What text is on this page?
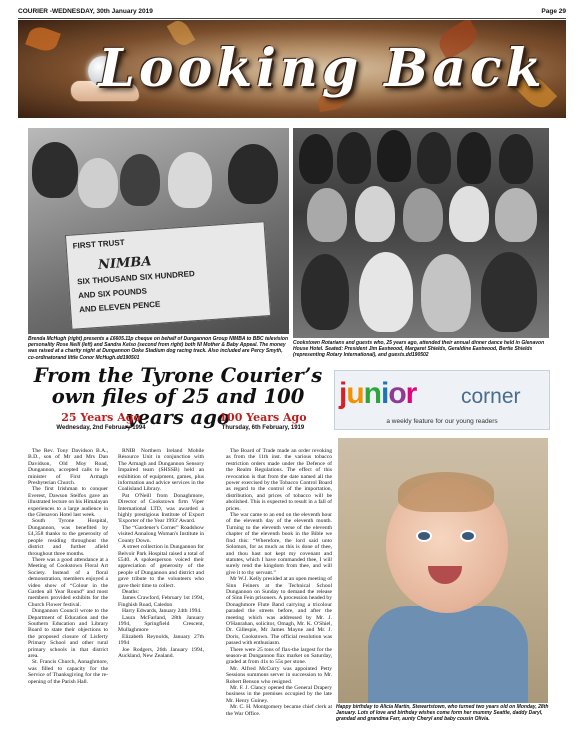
COURIER -WEDNESDAY, 30th January 2019	Page 29
Looking Back
FIRST TRUST
NIMBA
SIX THOUSAND SIX HUNDRED
AND SIX POUNDS
AND ELEVEN PENCE
Brenda McHugh (right) presents a £6605.11p cheque on behalf of Dungannon Group NIMBA to BBC television personality Rose Neill (left) and Sandra Kelso (second from right) both NI Mother & Baby Appeal. The money was raised at a charity night at Dungannon Ooke Stadium dog racing track. Also included are Percy Smyth, co-ordinatorand little Conor McHugh.dd190501
Cookstown Rotarians and guests who, 25 years ago, attended their annual dinner dance held in Glenavon House Hotel. Seated: President Jim Eastwood, Margaret Shields, Geraldine Eastwood, Bertie Shields (representing Rotary International), and guests.dd190502
From the Tyrone Courier’s own files of 25 and 100 years ago
25 Years Ago
Wednesday, 2nd February 1994
100 Years Ago
Thursday, 6th February, 1919

The Rev. Tony Davidson B.A., B.D., son of Mr and Mrs Dan Davidson, Old Moy Road, Dungannon, accepted calls to be minister of First Armagh Presbyterian Church.

The first Irishman to conquer Everest, Dawson Stelfox gave an illustrated lecture on his Himalayan experiences to a large audience in the Glenavon Hotel last week.

South Tyrone Hospital, Dungannon, was benefited by £4,358 thanks to the generosity of people residing throughout the district and further afield throughout three months.

There was a good attendance at a Meeting of Cookstown Floral Art Society. Instead of a floral demonstration, members enjoyed a video show of “Colour in the Garden all Year Round” and most members provided exhibits for the Church Flower festival.

Dungannon Council wrote to the Department of Education and the Southern Education and Library Board to state their objections to the proposed closure of Lisferty Primary School and other rural primary schools in that district area.

St. Francis Church, Annaghmore, was filled to capacity for the Service of Thanksgiving for the re-opening of the Parish Hall.

RNIB Northern Ireland Mobile Resource Unit in conjunction with The Armagh and Dungannon Sensory Impaired team (SHSSB) held an exhibition of equipment, games, plus information and advice services in the Coalisland Library.

Pat O'Neill from Donaghmore, Director of Cookstown firm Viper International LTD, was awarded a highly prestigious Institute of Export 'Exporter of the Year 1993' Award.

The “Gardener's Corner” Roadshow visited Annalong Woman's Institute in County Down.

A street collection in Dungannon for Belvoir Park Hospital raised a total of £540. A spokesperson voiced their appreciation of generosity of the people of Dungannon and district and gave tribute to the volunteers who gave their time to collect.

Deaths:

James Crawford, February 1st 1994, Finghish Road, Caledon

Harry Edwards, January 24th 1994.

Laura McFarland, 28th January 1994, Springfield Crescent, Mullaghmore

Elizabeth Reynolds, January 27th 1994

Joe Rodgers, 26th January 1994, Auckland, New Zealand.

The Board of Trade made an order revoking as from the 11th inst. the various tobacco restriction orders made under the Defence of the Realm Regulations. The effect of this revocation is that from the date named all the power exercised by the Tobacco Control Board as regard to the control of the importation, distribution, and prices of tobacco will be abolished. This is expected to result in a fall of prices.

The war came to an end on the eleventh hour of the eleventh day of the eleventh month. Turning to the eleventh verse of the eleventh chapter of the eleventh book in the Bible we find this: “Wherefore, the lord said unto Solomon, for as much as this is done of thee, and thou hast not kept my covenant and statutes, which I have commanded thee, I will surely rend the kingdom from thee, and will give it to thy servant.”

Mr W.J. Kelly presided at an open meeting of Sinn Feiners at the Technical School Dungannon on Sunday to demand the release of Sinn Fein prisoners. A procession headed by Donaghmore Flute Band carrying a tricolour paraded the streets before, and after the meeting which was addressed by Mr. J. O'Hanrahan, solicitor, Omagh, Mr. K. O'Shiel, Dr. Gillespie, Mr James Mayne and Mr. J. Doris, Cookstown. The official resolution was passed with enthusiasm.

There were 25 tons of flax-the largest for the season-at Dungannon flax market on Saturday, graded at from 41s to 55s per stone.

Mr. Alfred McCurry was appointed Petty Sessions summons server in succession to Mr. Robert Benson who resigned.

Mr. F. J. Clancy opened the General Drapery business in the premises occupied by the late Mr. Henry Guiney.

Mr. C. H. Montgomery became chief clerk at the War Office.

junior corner
a weekly feature for our young readers
Happy birthday to Alicia Martin, Stewartstown, who turned two years old on Monday, 28th January. Lots of love and birthday wishes come form her mummy Seattle, daddy Daryl, grandad and grandma Farr, aunty Cheryl and baby cousin Olivia.
